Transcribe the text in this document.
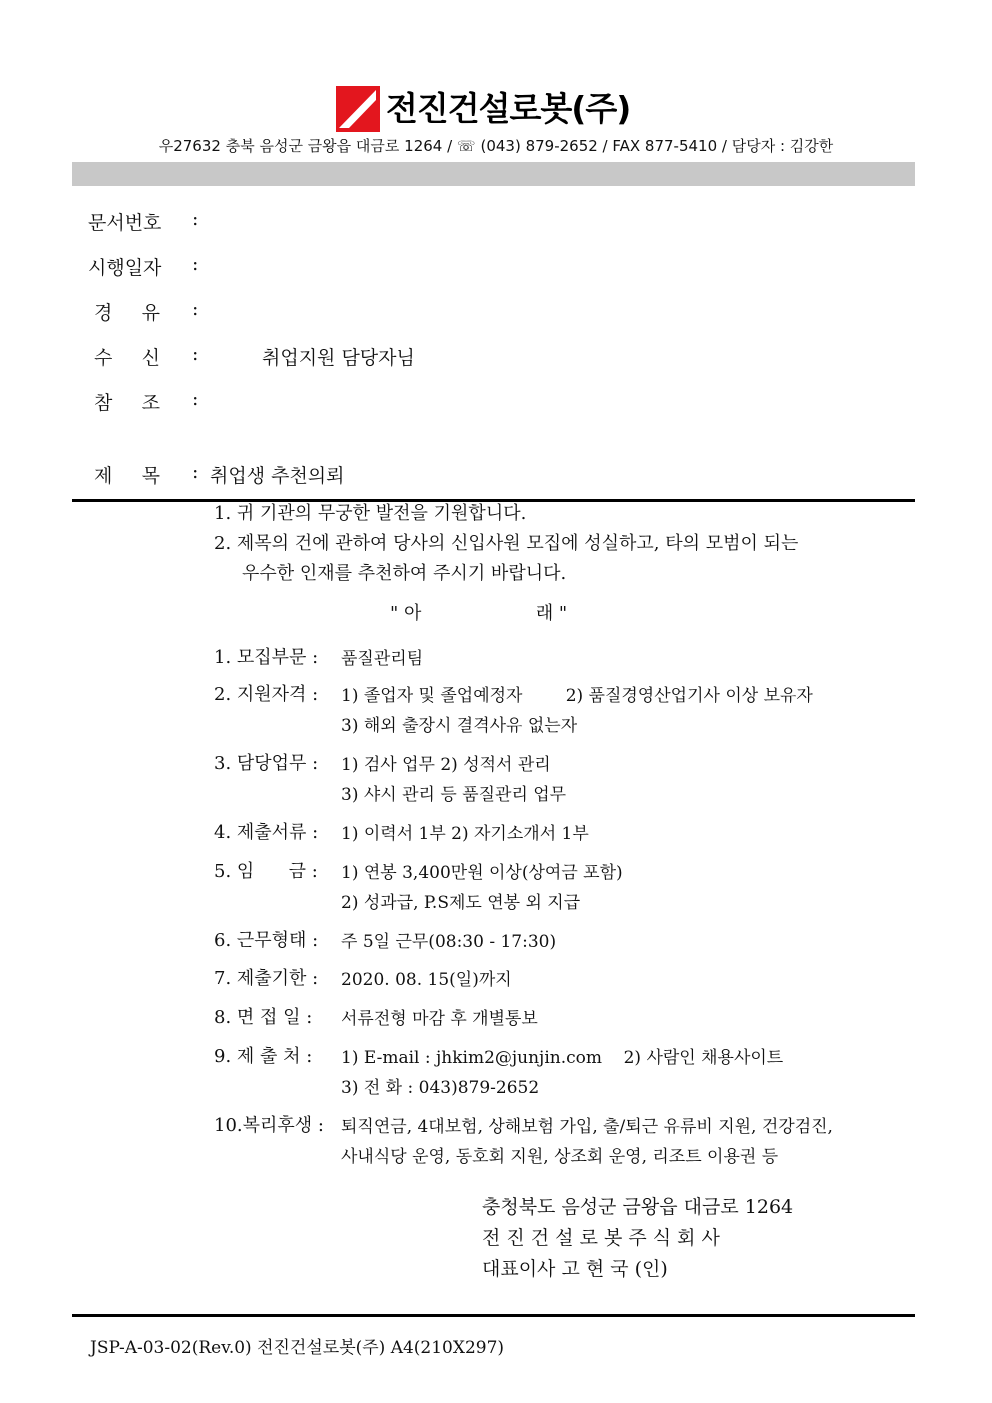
전진건설로봇(주)
우27632 충북 음성군 금왕읍 대금로 1264 / ☏ (043) 879-2652 / FAX 877-5410 / 담당자 : 김강한
문서번호	:
시행일자	:
경 유 :
수 신 :	취업지원 담당자님
참 조 :
제 목 : 취업생 추천의뢰
1. 귀 기관의 무궁한 발전을 기원합니다.
2. 제목의 건에 관하여 당사의 신입사원 모집에 성실하고, 타의 모범이 되는
우수한 인재를 추천하여 주시기 바랍니다.
" 아                    래 "
1. 모집부문 : 품질관리팀
2. 지원자격 : 1) 졸업자 및 졸업예정자        2) 품질경영산업기사 이상 보유자
3) 해외 출장시 결격사유 없는자
3. 담당업무 : 1) 검사 업무 2) 성적서 관리
3) 샤시 관리 등 품질관리 업무
4. 제출서류 : 1) 이력서 1부 2) 자기소개서 1부
5. 임      금 : 1) 연봉 3,400만원 이상(상여금 포함)
2) 성과급, P.S제도 연봉 외 지급
6. 근무형태 : 주 5일 근무(08:30 - 17:30)
7. 제출기한 : 2020. 08. 15(일)까지
8. 면 접 일 : 서류전형 마감 후 개별통보
9. 제 출 처 : 1) E-mail : jhkim2@junjin.com    2) 사람인 채용사이트
3) 전 화 : 043)879-2652
10.복리후생 : 퇴직연금, 4대보험, 상해보험 가입, 출/퇴근 유류비 지원, 건강검진,
사내식당 운영, 동호회 지원, 상조회 운영, 리조트 이용권 등
충청북도 음성군 금왕읍 대금로 1264
전 진 건 설 로 봇 주 식 회 사
대표이사 고 현 국 (인)
JSP-A-03-02(Rev.0) 전진건설로봇(주) A4(210X297)
